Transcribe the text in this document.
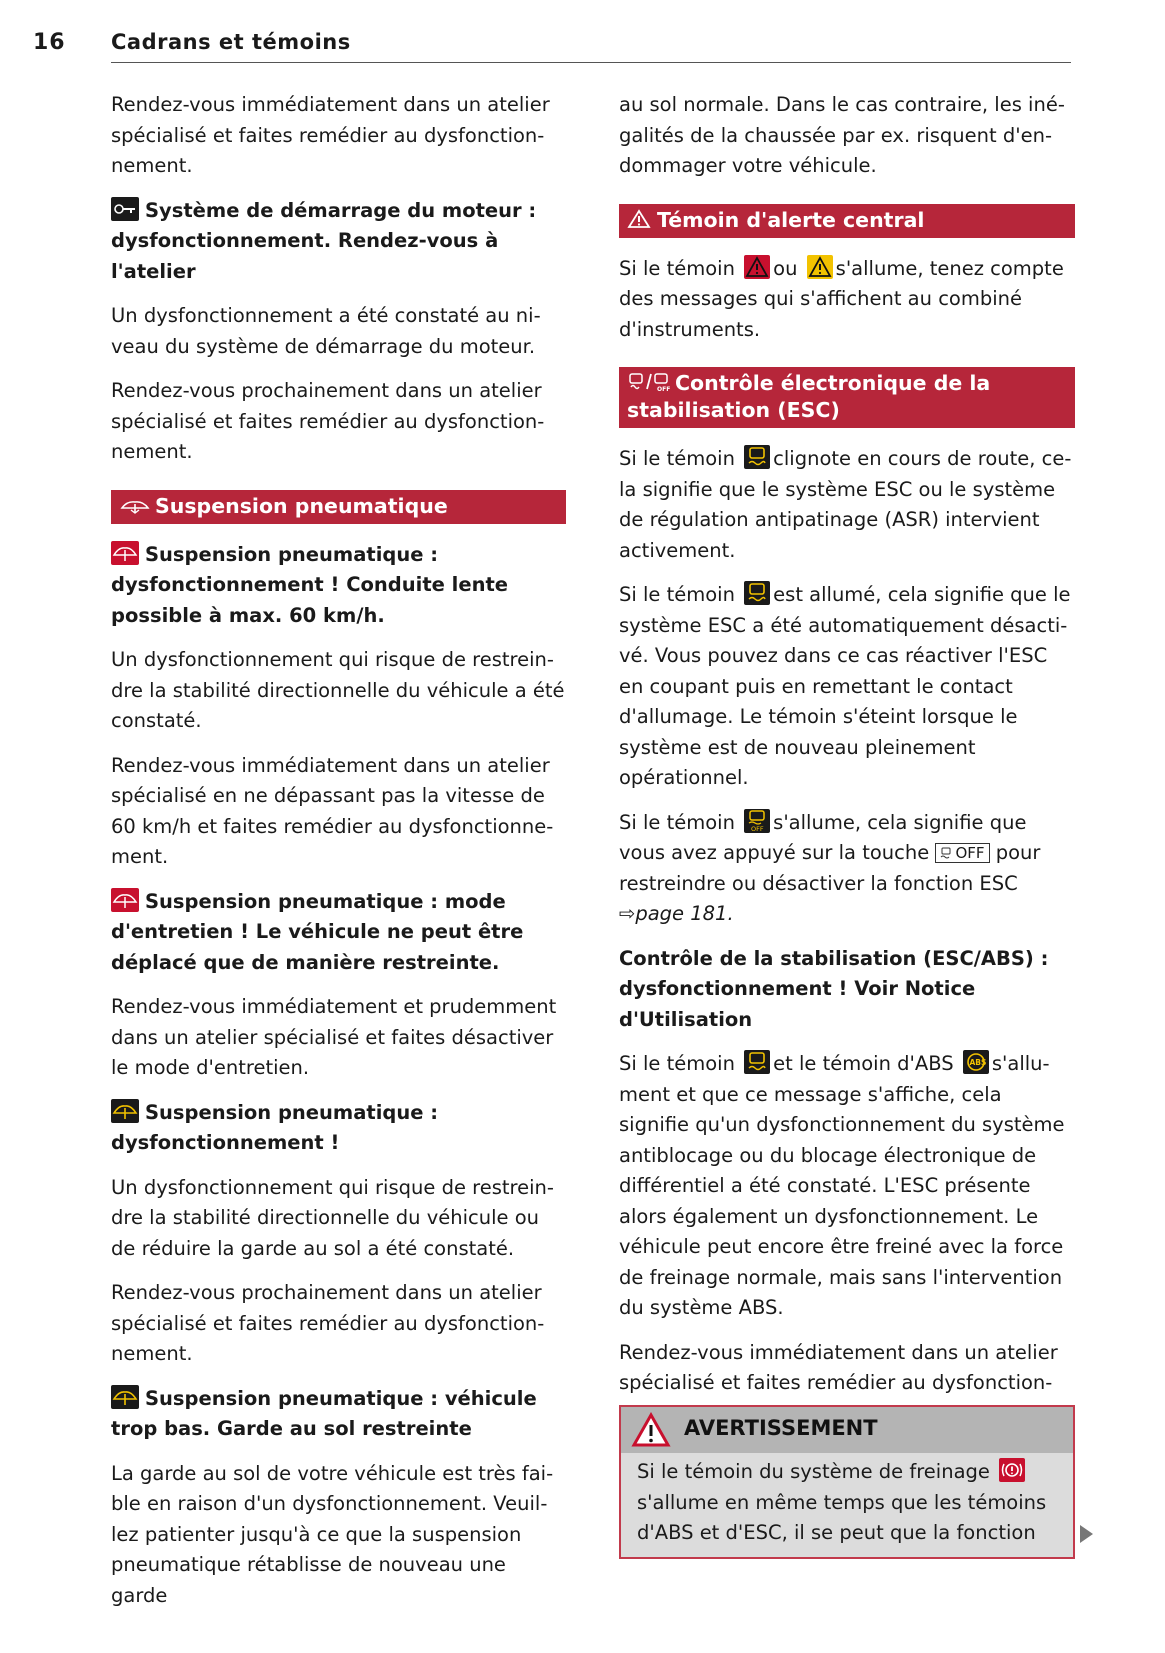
16 Cadrans et témoins

Rendez-vous immédiatement dans un atelier spécialisé et faites remédier au dysfonctionnement.

Système de démarrage du moteur : dysfonctionnement. Rendez-vous à l'atelier

Un dysfonctionnement a été constaté au niveau du système de démarrage du moteur.

Rendez-vous prochainement dans un atelier spécialisé et faites remédier au dysfonctionnement.

Suspension pneumatique

Suspension pneumatique : dysfonctionnement ! Conduite lente possible à max. 60 km/h.

Un dysfonctionnement qui risque de restreindre la stabilité directionnelle du véhicule a été constaté.

Rendez-vous immédiatement dans un atelier spécialisé en ne dépassant pas la vitesse de 60 km/h et faites remédier au dysfonctionnement.

Suspension pneumatique : mode d'entretien ! Le véhicule ne peut être déplacé que de manière restreinte.

Rendez-vous immédiatement et prudemment dans un atelier spécialisé et faites désactiver le mode d'entretien.

Suspension pneumatique : dysfonctionnement !

Un dysfonctionnement qui risque de restreindre la stabilité directionnelle du véhicule ou de réduire la garde au sol a été constaté.

Rendez-vous prochainement dans un atelier spécialisé et faites remédier au dysfonctionnement.

Suspension pneumatique : véhicule trop bas. Garde au sol restreinte

La garde au sol de votre véhicule est très faible en raison d'un dysfonctionnement. Veuillez patienter jusqu'à ce que la suspension pneumatique rétablisse de nouveau une garde

au sol normale. Dans le cas contraire, les inégalités de la chaussée par ex. risquent d'endommager votre véhicule.

Témoin d'alerte central

Si le témoin ou s'allume, tenez compte des messages qui s'affichent au combiné d'instruments.

OFF Contrôle électronique de la stabilisation (ESC)

Si le témoin clignote en cours de route, cela signifie que le système ESC ou le système de régulation antipatinage (ASR) intervient activement.

Si le témoin est allumé, cela signifie que le système ESC a été automatiquement désactivé. Vous pouvez dans ce cas réactiver l'ESC en coupant puis en remettant le contact d'allumage. Le témoin s'éteint lorsque le système est de nouveau pleinement opérationnel.

Si le témoin OFF s'allume, cela signifie que vous avez appuyé sur la touche OFF pour restreindre ou désactiver la fonction ESC ⇨page 181.

Contrôle de la stabilisation (ESC/ABS) : dysfonctionnement ! Voir Notice d'Utilisation

Si le témoin et le témoin d'ABS ABS s'allument et que ce message s'affiche, cela signifie qu'un dysfonctionnement du système antiblocage ou du blocage électronique de différentiel a été constaté. L'ESC présente alors également un dysfonctionnement. Le véhicule peut encore être freiné avec la force de freinage normale, mais sans l'intervention du système ABS.

Rendez-vous immédiatement dans un atelier spécialisé et faites remédier au dysfonction

AVERTISSEMENT

Si le témoin du système de freinage
s'allume en même temps que les témoins d'ABS et d'ESC, il se peut que la fonction
